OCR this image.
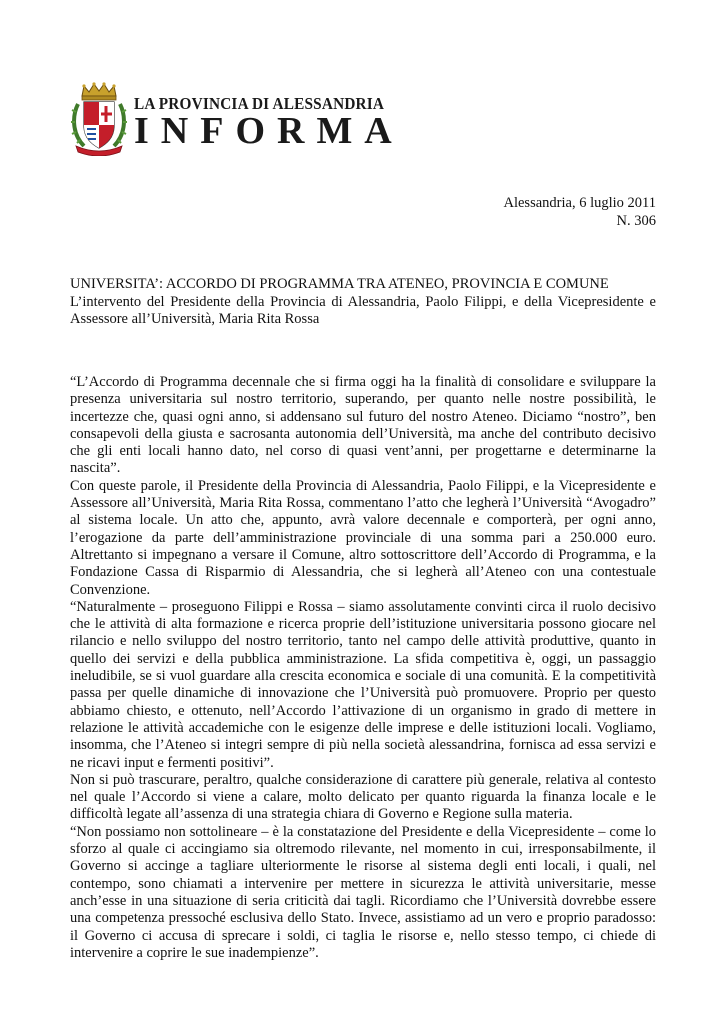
LA PROVINCIA DI ALESSANDRIA
INFORMA
Alessandria, 6 luglio 2011
N. 306

UNIVERSITA’: ACCORDO DI PROGRAMMA TRA ATENEO, PROVINCIA E COMUNE

L’intervento del Presidente della Provincia di Alessandria, Paolo Filippi, e della Vicepresidente e Assessore all’Università, Maria Rita Rossa

“L’Accordo di Programma decennale che si firma oggi ha la finalità di consolidare e sviluppare la presenza universitaria sul nostro territorio, superando, per quanto nelle nostre possibilità, le incertezze che, quasi ogni anno, si addensano sul futuro del nostro Ateneo. Diciamo “nostro”, ben consapevoli della giusta e sacrosanta autonomia dell’Università, ma anche del contributo decisivo che gli enti locali hanno dato, nel corso di quasi vent’anni, per progettarne e determinarne la nascita”.

Con queste parole, il Presidente della Provincia di Alessandria, Paolo Filippi, e la Vicepresidente e Assessore all’Università, Maria Rita Rossa, commentano l’atto che legherà l’Università “Avogadro” al sistema locale. Un atto che, appunto, avrà valore decennale e comporterà, per ogni anno, l’erogazione da parte dell’amministrazione provinciale di una somma pari a 250.000 euro. Altrettanto si impegnano a versare il Comune, altro sottoscrittore dell’Accordo di Programma, e la Fondazione Cassa di Risparmio di Alessandria, che si legherà all’Ateneo con una contestuale Convenzione.

“Naturalmente – proseguono Filippi e Rossa – siamo assolutamente convinti circa il ruolo decisivo che le attività di alta formazione e ricerca proprie dell’istituzione universitaria possono giocare nel rilancio e nello sviluppo del nostro territorio, tanto nel campo delle attività produttive, quanto in quello dei servizi e della pubblica amministrazione. La sfida competitiva è, oggi, un passaggio ineludibile, se si vuol guardare alla crescita economica e sociale di una comunità. E la competitività passa per quelle dinamiche di innovazione che l’Università può promuovere. Proprio per questo abbiamo chiesto, e ottenuto, nell’Accordo l’attivazione di un organismo in grado di mettere in relazione le attività accademiche con le esigenze delle imprese e delle istituzioni locali. Vogliamo, insomma, che l’Ateneo si integri sempre di più nella società alessandrina, fornisca ad essa servizi e ne ricavi input e fermenti positivi”.

Non si può trascurare, peraltro, qualche considerazione di carattere più generale, relativa al contesto nel quale l’Accordo si viene a calare, molto delicato per quanto riguarda la finanza locale e le difficoltà legate all’assenza di una strategia chiara di Governo e Regione sulla materia.

“Non possiamo non sottolineare – è la constatazione del Presidente e della Vicepresidente – come lo sforzo al quale ci accingiamo sia oltremodo rilevante, nel momento in cui, irresponsabilmente, il Governo si accinge a tagliare ulteriormente le risorse al sistema degli enti locali, i quali, nel contempo, sono chiamati a intervenire per mettere in sicurezza le attività universitarie, messe anch’esse in una situazione di seria criticità dai tagli. Ricordiamo che l’Università dovrebbe essere una competenza pressoché esclusiva dello Stato. Invece, assistiamo ad un vero e proprio paradosso: il Governo ci accusa di sprecare i soldi, ci taglia le risorse e, nello stesso tempo, ci chiede di intervenire a coprire le sue inadempienze”.
